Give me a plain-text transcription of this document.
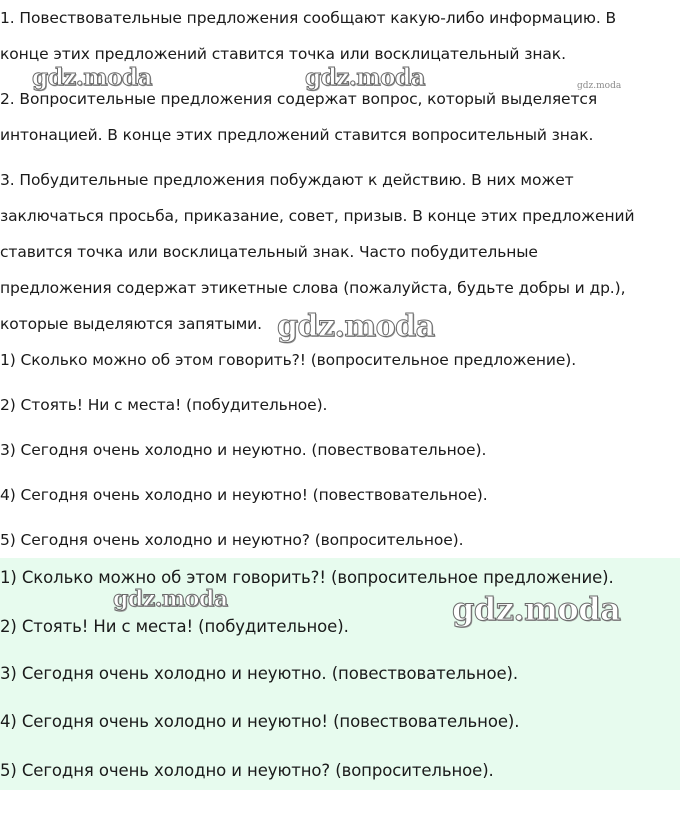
1. Повествовательные предложения сообщают какую-либо информацию. В
конце этих предложений ставится точка или восклицательный знак.
2. Вопросительные предложения содержат вопрос, который выделяется
интонацией. В конце этих предложений ставится вопросительный знак.
3. Побудительные предложения побуждают к действию. В них может
заключаться просьба, приказание, совет, призыв. В конце этих предложений
ставится точка или восклицательный знак. Часто побудительные
предложения содержат этикетные слова (пожалуйста, будьте добры и др.),
которые выделяются запятыми.
1) Сколько можно об этом говорить?! (вопросительное предложение).
2) Стоять! Ни с места! (побудительное).
3) Сегодня очень холодно и неуютно. (повествовательное).
4) Сегодня очень холодно и неуютно! (повествовательное).
5) Сегодня очень холодно и неуютно? (вопросительное).
1) Сколько можно об этом говорить?! (вопросительное предложение).
2) Стоять! Ни с места! (побудительное).
3) Сегодня очень холодно и неуютно. (повествовательное).
4) Сегодня очень холодно и неуютно! (повествовательное).
5) Сегодня очень холодно и неуютно? (вопросительное).
gdz.moda	gdz.moda	gdz.moda
gdz.moda
gdz.moda	gdz.moda
